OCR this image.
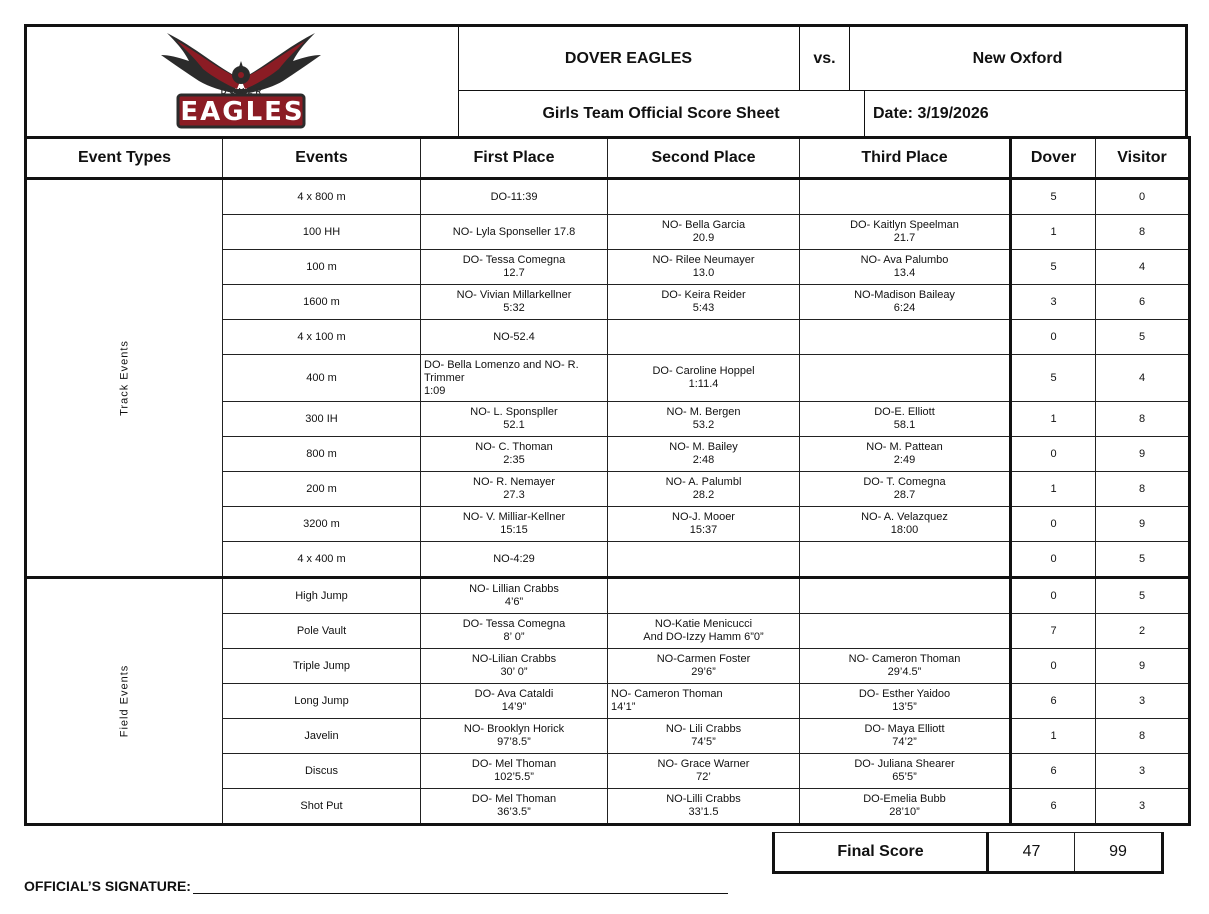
DOVER
EAGLES
DOVER EAGLES	vs.	New Oxford
Girls Team Official Score Sheet	Date: 3/19/2026
Event Types	Events	First Place	Second Place	Third Place	Dover	Visitor

Track Events	4 x 800 m	DO-11:39			5	0
	100 HH	NO- Lyla Sponseller 17.8	NO- Bella Garcia
20.9	DO- Kaitlyn Speelman
21.7	1	8
	100 m	DO- Tessa Comegna
12.7	NO- Rilee Neumayer
13.0	NO- Ava Palumbo
13.4	5	4
	1600 m	NO- Vivian Millarkellner
5:32	DO- Keira Reider
5:43	NO-Madison Baileay
6:24	3	6
	4 x 100 m	NO-52.4			0	5
	400 m	DO- Bella Lomenzo and NO- R.
Trimmer
1:09	DO- Caroline Hoppel
1:11.4		5	4
	300 IH	NO- L. Sponspller
52.1	NO- M. Bergen
53.2	DO-E. Elliott
58.1	1	8
	800 m	NO- C. Thoman
2:35	NO- M. Bailey
2:48	NO- M. Pattean
2:49	0	9
	200 m	NO- R. Nemayer
27.3	NO- A. Palumbl
28.2	DO- T. Comegna
28.7	1	8
	3200 m	NO- V. Milliar-Kellner
15:15	NO-J. Mooer
15:37	NO- A. Velazquez
18:00	0	9
	4 x 400 m	NO-4:29			0	5

Field Events	High Jump	NO- Lillian Crabbs
4’6”			0	5
	Pole Vault	DO- Tessa Comegna
8’ 0”	NO-Katie Menicucci
And DO-Izzy Hamm 6”0”		7	2
	Triple Jump	NO-Lilian Crabbs
30’ 0”	NO-Carmen Foster
29’6”	NO- Cameron Thoman
29’4.5”	0	9
	Long Jump	DO- Ava Cataldi
14’9”	NO- Cameron Thoman
14’1”	DO- Esther Yaidoo
13’5”	6	3
	Javelin	NO- Brooklyn Horick
97’8.5”	NO- Lili Crabbs
74’5”	DO- Maya Elliott
74’2”	1	8
	Discus	DO- Mel Thoman
102’5.5”	NO- Grace Warner
72’	DO- Juliana Shearer
65’5”	6	3
	Shot Put	DO- Mel Thoman
36’3.5”	NO-Lilli Crabbs
33’1.5	DO-Emelia Bubb
28’10”	6	3
Final Score	47	99
OFFICIAL’S SIGNATURE:
